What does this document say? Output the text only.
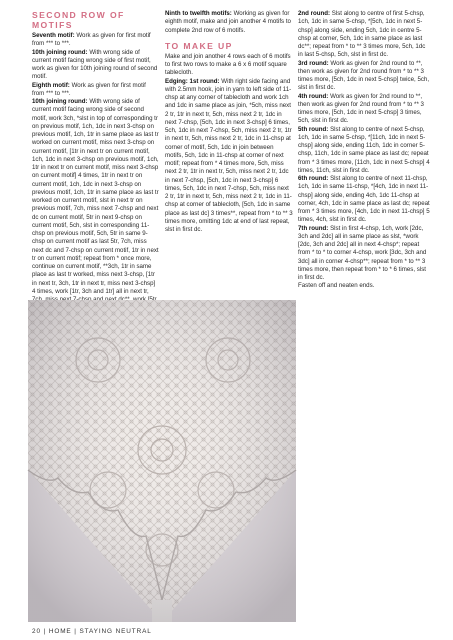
SECOND ROW OF MOTIFS

Seventh motif: Work as given for first motif from *** to ***.

10th joining round: With wrong side of current motif facing wrong side of first motif, work as given for 10th joining round of second motif.

Eighth motif: Work as given for first motif from *** to ***.

10th joining round: With wrong side of current motif facing wrong side of second motif, work 3ch, *slst in top of corresponding tr on previous motif, 1ch, 1dc in next 3-chsp on previous motif, 1ch, 1tr in same place as last tr worked on current motif, miss next 3-chsp on current motif, [1tr in next tr on current motif, 1ch, 1dc in next 3-chsp on previous motif, 1ch, 1tr in next tr on current motif, miss next 3-chsp on current motif] 4 times, 1tr in next tr on current motif, 1ch, 1dc in next 3-chsp on previous motif, 1ch, 1tr in same place as last tr worked on current motif, slst in next tr on previous motif, 7ch, miss next 7-chsp and next dc on current motif, 5tr in next 9-chsp on current motif, 5ch, slst in corresponding 11-chsp on previous motif, 5ch, 5tr in same 9-chsp on current motif as last 5tr, 7ch, miss next dc and 7-chsp on current motif, 1tr in next tr on current motif; repeat from * once more, continue on current motif, **3ch, 1tr in same place as last tr worked, miss next 3-chsp, [1tr in next tr, 3ch, 1tr in next tr, miss next 3-chsp] 4 times, work [1tr, 3ch and 1tr] all in next tr,

Ninth to twelfth motifs: Working as given for eighth motif, make and join another 4 motifs to complete 2nd row of 6 motifs.

TO MAKE UP

Make and join another 4 rows each of 6 motifs to first two rows to make a 6 x 6 motif square tablecloth.

Edging: 1st round: With right side facing and with 2.5mm hook, join in yarn to left side of 11-chsp at any corner of tablecloth and work 1ch and 1dc in same place as join, *5ch, miss next 2 tr, 1tr in next tr, 5ch, miss next 2 tr, 1dc in next 7-chsp, [5ch, 1dc in next 3-chsp] 6 times, 5ch, 1dc in next 7-chsp, 5ch, miss next 2 tr, 1tr in next tr, 5ch, miss next 2 tr, 1dc in 11-chsp at corner of motif, 5ch, 1dc in join between motifs, 5ch, 1dc in 11-chsp at corner of next motif; repeat from * 4 times more, 5ch, miss next 2 tr, 1tr in next tr, 5ch, miss next 2 tr, 1dc in next 7-chsp, [5ch, 1dc in next 3-chsp] 6 times, 5ch, 1dc in next 7-chsp, 5ch, miss next 2 tr, 1tr in next tr, 5ch, miss next 2 tr, 1dc in 11-chsp at corner of tablecloth, [5ch, 1dc in same place as last dc] 3 times**, repeat from * to ** 3 times more, omitting 1dc at end of last repeat, slst in first dc.

2nd round: Slst along to centre of first 5-chsp, 1ch, 1dc in same 5-chsp, *[5ch, 1dc in next 5-chsp] along side, ending 5ch, 1dc in centre 5-chsp at corner, 5ch, 1dc in same place as last dc**; repeat from * to ** 3 times more, 5ch, 1dc in last 5-chsp, 5ch, slst in first dc.

3rd round: Work as given for 2nd round to **, then work as given for 2nd round from * to ** 3 times more, [5ch, 1dc in next 5-chsp] twice, 5ch, slst in first dc.

4th round: Work as given for 2nd round to **, then work as given for 2nd round from * to ** 3 times more, [5ch, 1dc in next 5-chsp] 3 times, 5ch, slst in first dc.

5th round: Slst along to centre of next 5-chsp, 1ch, 1dc in same 5-chsp, *[11ch, 1dc in next 5-chsp] along side, ending 11ch, 1dc in corner 5-chsp, 11ch, 1dc in same place as last dc; repeat from * 3 times more, [11ch, 1dc in next 5-chsp] 4 times, 11ch, slst in first dc.

6th round: Slst along to centre of next 11-chsp, 1ch, 1dc in same 11-chsp, *[4ch, 1dc in next 11-chsp] along side, ending 4ch, 1dc 11-chsp at corner, 4ch, 1dc in same place as last dc; repeat from * 3 times more, [4ch, 1dc in next 11-chsp] 5 times, 4ch, slst in first dc.

7th round: Slst in first 4-chsp, 1ch, work [2dc, 3ch and 2dc] all in same place as slst, *work [2dc, 3ch and 2dc] all in next 4-chsp*; repeat from * to * to corner 4-chsp, work [3dc, 3ch and 3dc] all in corner 4-chsp**; repeat from * to ** 3 times more, then repeat from * to * 6 times, slst in first dc.

Fasten off and neaten ends.

20 | HOME | STAYING NEUTRAL
